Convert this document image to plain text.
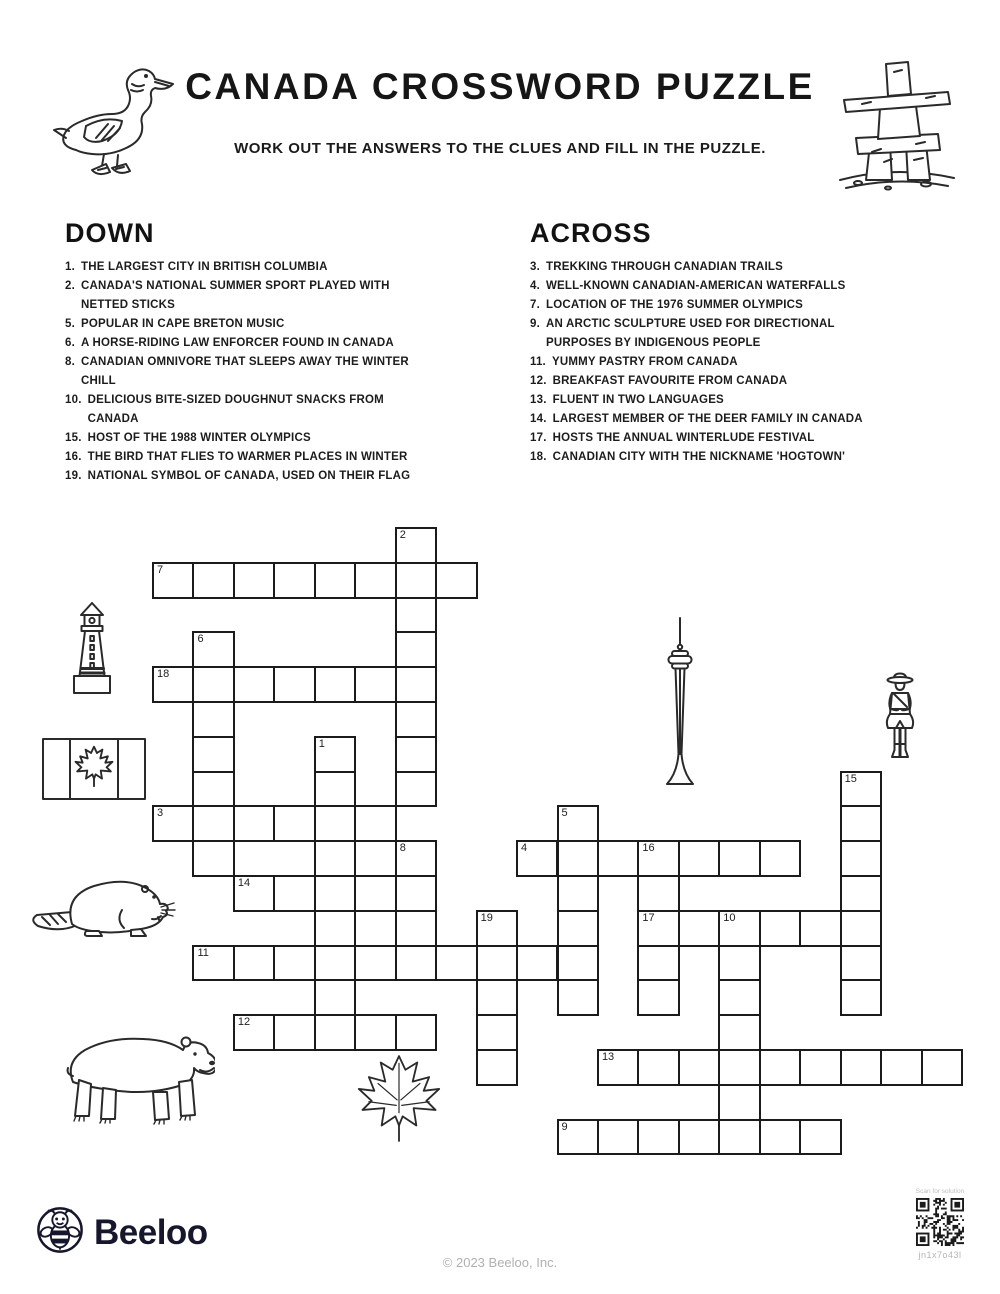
CANADA CROSSWORD PUZZLE
WORK OUT THE ANSWERS TO THE CLUES AND FILL IN THE PUZZLE.
DOWN
1. THE LARGEST CITY IN BRITISH COLUMBIA
2. CANADA'S NATIONAL SUMMER SPORT PLAYED WITH NETTED STICKS
5. POPULAR IN CAPE BRETON MUSIC
6. A HORSE-RIDING LAW ENFORCER FOUND IN CANADA
8. CANADIAN OMNIVORE THAT SLEEPS AWAY THE WINTER CHILL
10. DELICIOUS BITE-SIZED DOUGHNUT SNACKS FROM CANADA
15. HOST OF THE 1988 WINTER OLYMPICS
16. THE BIRD THAT FLIES TO WARMER PLACES IN WINTER
19. NATIONAL SYMBOL OF CANADA, USED ON THEIR FLAG
ACROSS
3. TREKKING THROUGH CANADIAN TRAILS
4. WELL-KNOWN CANADIAN-AMERICAN WATERFALLS
7. LOCATION OF THE 1976 SUMMER OLYMPICS
9. AN ARCTIC SCULPTURE USED FOR DIRECTIONAL PURPOSES BY INDIGENOUS PEOPLE
11. YUMMY PASTRY FROM CANADA
12. BREAKFAST FAVOURITE FROM CANADA
13. FLUENT IN TWO LANGUAGES
14. LARGEST MEMBER OF THE DEER FAMILY IN CANADA
17. HOSTS THE ANNUAL WINTERLUDE FESTIVAL
18. CANADIAN CITY WITH THE NICKNAME 'HOGTOWN'
7
18
3
4	16
14
17	10
11
12
13
9
2
6
1
15
5
8
19
Beeloo
© 2023 Beeloo, Inc.
Scan for solution
jn1x7o43l
